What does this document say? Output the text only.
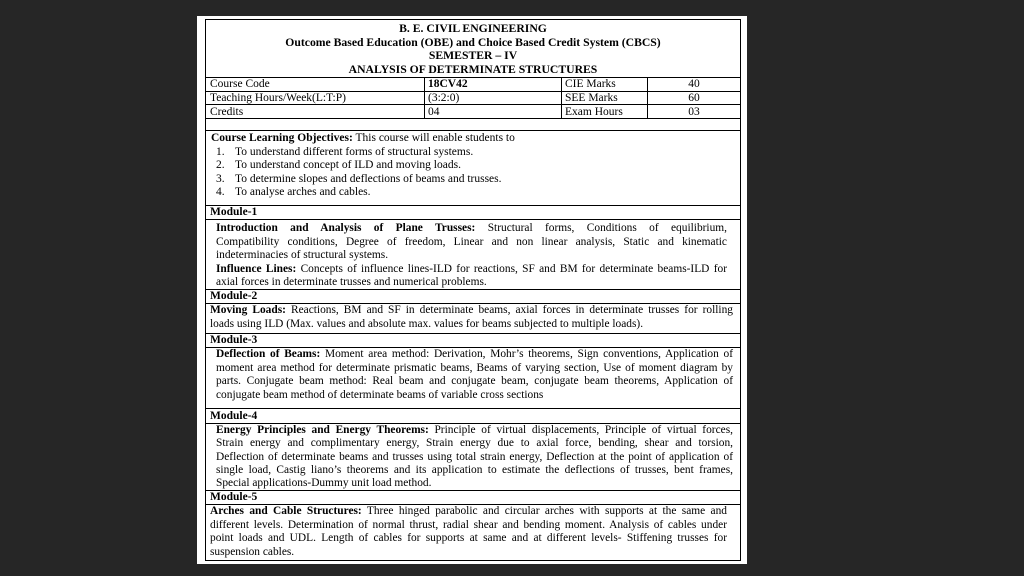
B. E. CIVIL ENGINEERING
Outcome Based Education (OBE) and Choice Based Credit System (CBCS)
SEMESTER – IV
ANALYSIS OF DETERMINATE STRUCTURES
Course Code	18CV42	CIE Marks	40
Teaching Hours/Week(L:T:P)	(3:2:0)	SEE Marks	60
Credits	04	Exam Hours	03
Course Learning Objectives: This course will enable students to
1. To understand different forms of structural systems.
2. To understand concept of ILD and moving loads.
3. To determine slopes and deflections of beams and trusses.
4. To analyse arches and cables.
Module-1
Introduction and Analysis of Plane Trusses: Structural forms, Conditions of equilibrium,
Compatibility conditions, Degree of freedom, Linear and non linear analysis, Static and kinematic
indeterminacies of structural systems.
Influence Lines: Concepts of influence lines-ILD for reactions, SF and BM for determinate beams-ILD for
axial forces in determinate trusses and numerical problems.
Module-2
Moving Loads: Reactions, BM and SF in determinate beams, axial forces in determinate trusses for rolling
loads using ILD (Max. values and absolute max. values for beams subjected to multiple loads).
Module-3
Deflection of Beams: Moment area method: Derivation, Mohr’s theorems, Sign conventions, Application of
moment area method for determinate prismatic beams, Beams of varying section, Use of moment diagram by
parts. Conjugate beam method: Real beam and conjugate beam, conjugate beam theorems, Application of
conjugate beam method of determinate beams of variable cross sections
Module-4
Energy Principles and Energy Theorems: Principle of virtual displacements, Principle of virtual forces,
Strain energy and complimentary energy, Strain energy due to axial force, bending, shear and torsion,
Deflection of determinate beams and trusses using total strain energy, Deflection at the point of application of
single load, Castig liano’s theorems and its application to estimate the deflections of trusses, bent frames,
Special applications-Dummy unit load method.
Module-5
Arches and Cable Structures: Three hinged parabolic and circular arches with supports at the same and
different levels. Determination of normal thrust, radial shear and bending moment. Analysis of cables under
point loads and UDL. Length of cables for supports at same and at different levels- Stiffening trusses for
suspension cables.
